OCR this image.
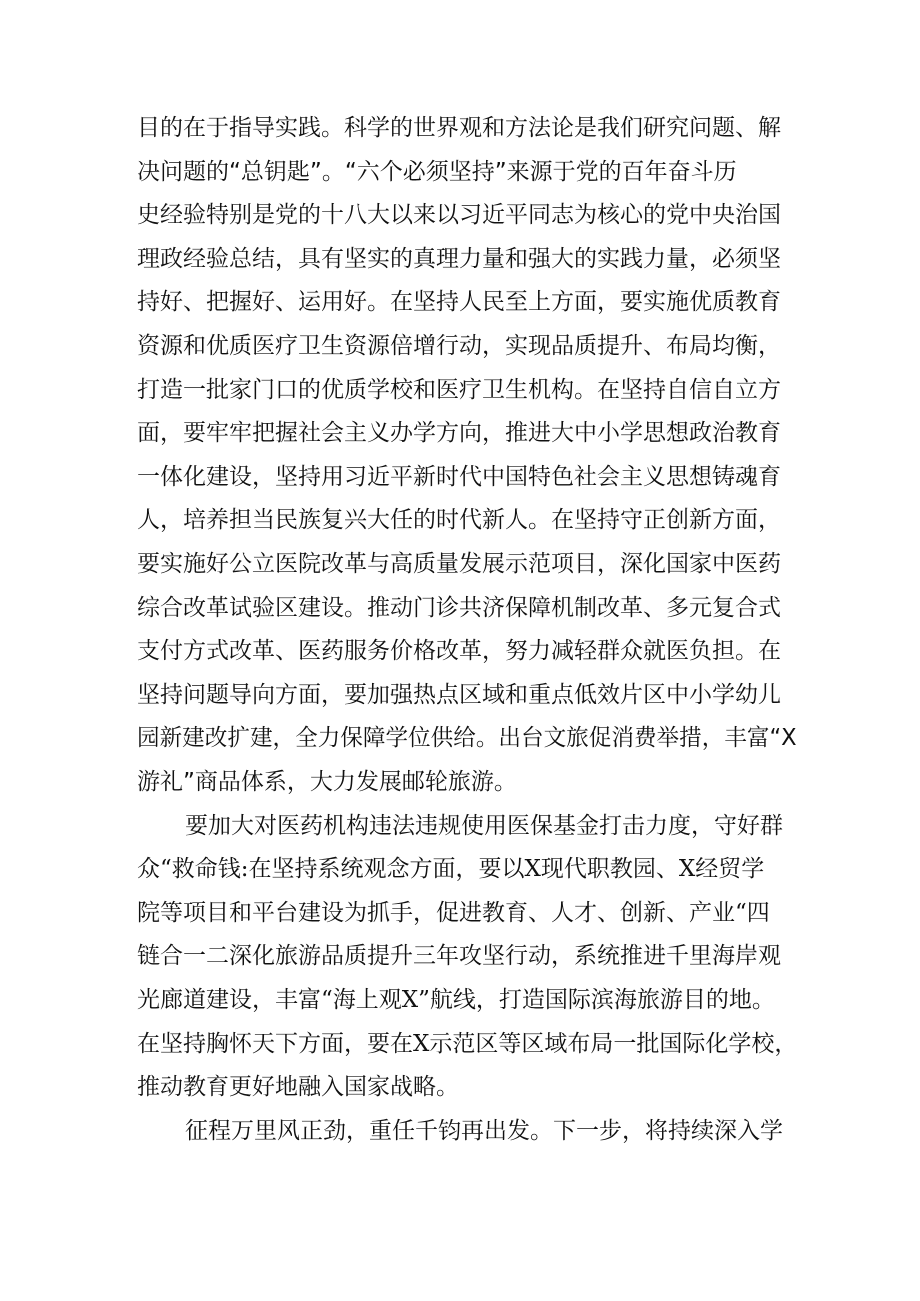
目的在于指导实践。科学的世界观和方法论是我们研究问题、解
决问题的“总钥匙”。“六个必须坚持”来源于党的百年奋斗历
史经验特别是党的十八大以来以习近平同志为核心的党中央治国
理政经验总结，具有坚实的真理力量和强大的实践力量，必须坚
持好、把握好、运用好。在坚持人民至上方面，要实施优质教育
资源和优质医疗卫生资源倍增行动，实现品质提升、布局均衡，
打造一批家门口的优质学校和医疗卫生机构。在坚持自信自立方
面，要牢牢把握社会主义办学方向，推进大中小学思想政治教育
一体化建设，坚持用习近平新时代中国特色社会主义思想铸魂育
人，培养担当民族复兴大任的时代新人。在坚持守正创新方面，
要实施好公立医院改革与高质量发展示范项目，深化国家中医药
综合改革试验区建设。推动门诊共济保障机制改革、多元复合式
支付方式改革、医药服务价格改革，努力减轻群众就医负担。在
坚持问题导向方面，要加强热点区域和重点低效片区中小学幼儿
园新建改扩建，全力保障学位供给。出台文旅促消费举措，丰富“X
游礼”商品体系，大力发展邮轮旅游。
要加大对医药机构违法违规使用医保基金打击力度，守好群
众“救命钱:在坚持系统观念方面，要以X现代职教园、X经贸学
院等项目和平台建设为抓手，促进教育、人才、创新、产业“四
链合一二深化旅游品质提升三年攻坚行动，系统推进千里海岸观
光廊道建设，丰富“海上观X”航线，打造国际滨海旅游目的地。
在坚持胸怀天下方面，要在X示范区等区域布局一批国际化学校，
推动教育更好地融入国家战略。
征程万里风正劲，重任千钧再出发。下一步，将持续深入学
